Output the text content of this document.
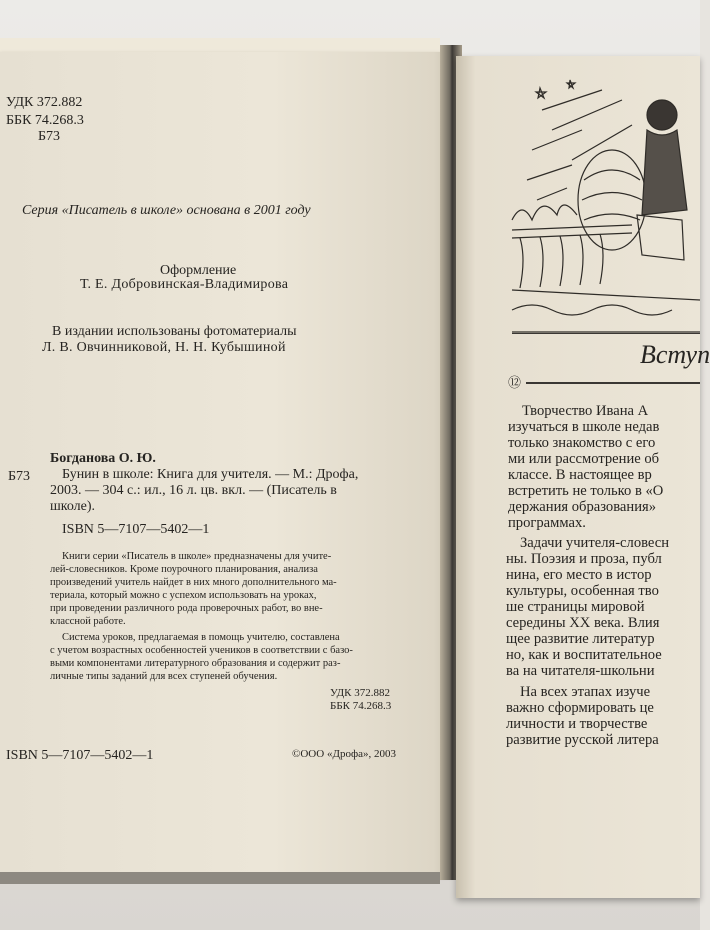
УДК 372.882
ББК 74.268.3
Б73
Серия «Писатель в школе» основана в 2001 году
Оформление
Т. Е. Добровинская-Владимирова
В издании использованы фотоматериалы
Л. В. Овчинниковой, Н. Н. Кубышиной
Б73
Богданова О. Ю.
Бунин в школе: Книга для учителя. — М.: Дрофа,
2003. — 304 с.: ил., 16 л. цв. вкл. — (Писатель в
школе).
ISBN 5—7107—5402—1
Книги серии «Писатель в школе» предназначены для учите-
лей-словесников. Кроме поурочного планирования, анализа
произведений учитель найдет в них много дополнительного ма-
териала, который можно с успехом использовать на уроках,
при проведении различного рода проверочных работ, во вне-
классной работе.
Система уроков, предлагаемая в помощь учителю, составлена
с учетом возрастных особенностей учеников в соответствии с базо-
выми компонентами литературного образования и содержит раз-
личные типы заданий для всех ступеней обучения.
УДК 372.882
ББК 74.268.3
ISBN 5—7107—5402—1	©ООО «Дрофа», 2003
Вступ
⑫
Творчество Ивана А
изучаться в школе недав
только знакомство с его
ми или рассмотрение об
классе. В настоящее вр
встретить не только в «О
держания образования»
программах.
Задачи учителя-словесн
ны. Поэзия и проза, публ
нина, его место в истор
культуры, особенная тво
ше страницы мировой
середины XX века. Влия
щее развитие литератур
но, как и воспитательное
ва на читателя-школьни
На всех этапах изуче
важно сформировать це
личности и творчестве
развитие русской литера
